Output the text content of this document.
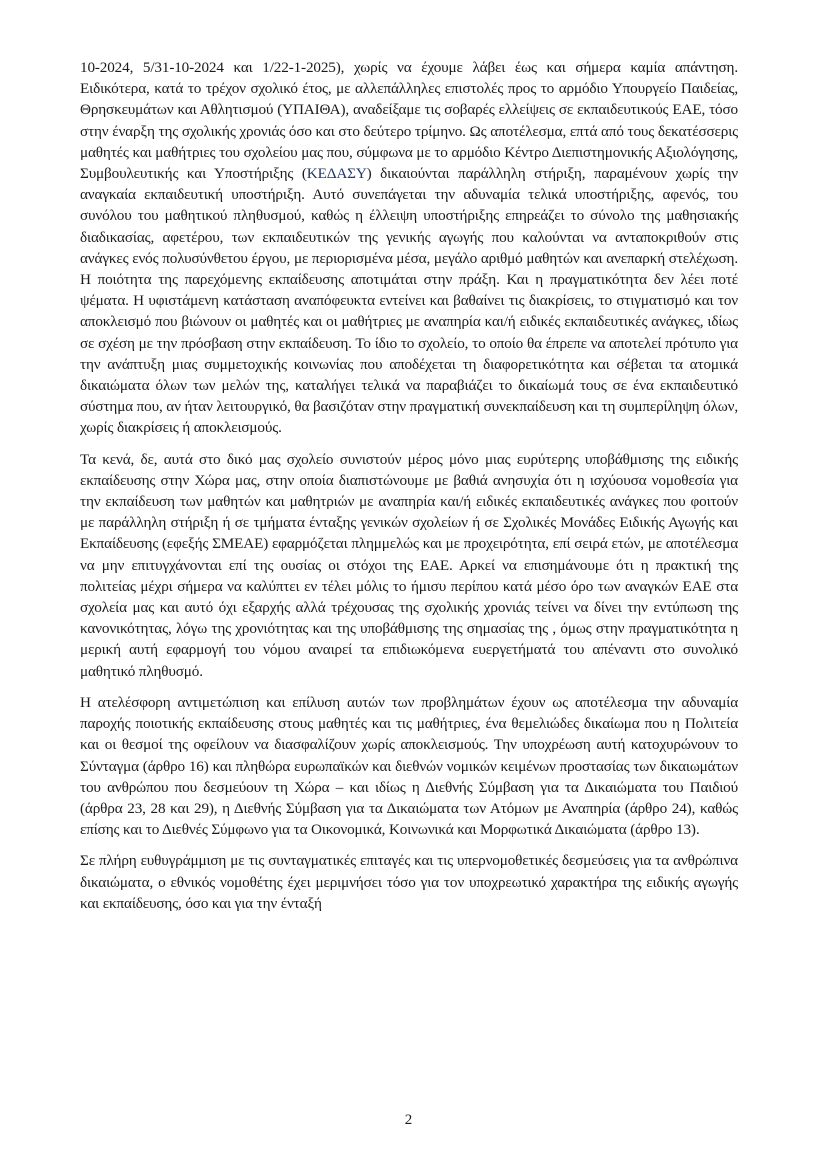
10-2024, 5/31-10-2024 και 1/22-1-2025), χωρίς να έχουμε λάβει έως και σήμερα καμία απάντηση. Ειδικότερα, κατά το τρέχον σχολικό έτος, με αλλεπάλληλες επιστολές προς το αρμόδιο Υπουργείο Παιδείας, Θρησκευμάτων και Αθλητισμού (ΥΠΑΙΘΑ), αναδείξαμε τις σοβαρές ελλείψεις σε εκπαιδευτικούς ΕΑΕ, τόσο στην έναρξη της σχολικής χρονιάς όσο και στο δεύτερο τρίμηνο. Ως αποτέλεσμα, επτά από τους δεκατέσσερις μαθητές και μαθήτριες του σχολείου μας που, σύμφωνα με το αρμόδιο Κέντρο Διεπιστημονικής Αξιολόγησης, Συμβουλευτικής και Υποστήριξης (ΚΕΔΑΣΥ) δικαιούνται παράλληλη στήριξη, παραμένουν χωρίς την αναγκαία εκπαιδευτική υποστήριξη. Αυτό συνεπάγεται την αδυναμία τελικά υποστήριξης, αφενός, του συνόλου του μαθητικού πληθυσμού, καθώς η έλλειψη υποστήριξης επηρεάζει το σύνολο της μαθησιακής διαδικασίας, αφετέρου, των εκπαιδευτικών της γενικής αγωγής που καλούνται να ανταποκριθούν στις ανάγκες ενός πολυσύνθετου έργου, με περιορισμένα μέσα, μεγάλο αριθμό μαθητών και ανεπαρκή στελέχωση. Η ποιότητα της παρεχόμενης εκπαίδευσης αποτιμάται στην πράξη. Και η πραγματικότητα δεν λέει ποτέ ψέματα. Η υφιστάμενη κατάσταση αναπόφευκτα εντείνει και βαθαίνει τις διακρίσεις, το στιγματισμό και τον αποκλεισμό που βιώνουν οι μαθητές και οι μαθήτριες με αναπηρία και/ή ειδικές εκπαιδευτικές ανάγκες, ιδίως σε σχέση με την πρόσβαση στην εκπαίδευση. Το ίδιο το σχολείο, το οποίο θα έπρεπε να αποτελεί πρότυπο για την ανάπτυξη μιας συμμετοχικής κοινωνίας που αποδέχεται τη διαφορετικότητα και σέβεται τα ατομικά δικαιώματα όλων των μελών της, καταλήγει τελικά να παραβιάζει το δικαίωμά τους σε ένα εκπαιδευτικό σύστημα που, αν ήταν λειτουργικό, θα βασιζόταν στην πραγματική συνεκπαίδευση και τη συμπερίληψη όλων, χωρίς διακρίσεις ή αποκλεισμούς.

Τα κενά, δε, αυτά στο δικό μας σχολείο συνιστούν μέρος μόνο μιας ευρύτερης υποβάθμισης της ειδικής εκπαίδευσης στην Χώρα μας, στην οποία διαπιστώνουμε με βαθιά ανησυχία ότι η ισχύουσα νομοθεσία για την εκπαίδευση των μαθητών και μαθητριών με αναπηρία και/ή ειδικές εκπαιδευτικές ανάγκες που φοιτούν με παράλληλη στήριξη ή σε τμήματα ένταξης γενικών σχολείων ή σε Σχολικές Μονάδες Ειδικής Αγωγής και Εκπαίδευσης (εφεξής ΣΜΕΑΕ) εφαρμόζεται πλημμελώς και με προχειρότητα, επί σειρά ετών, με αποτέλεσμα να μην επιτυγχάνονται επί της ουσίας οι στόχοι της ΕΑΕ. Αρκεί να επισημάνουμε ότι η πρακτική της πολιτείας μέχρι σήμερα να καλύπτει εν τέλει μόλις το ήμισυ περίπου κατά μέσο όρο των αναγκών ΕΑΕ στα σχολεία μας και αυτό όχι εξαρχής αλλά τρέχουσας της σχολικής χρονιάς τείνει να δίνει την εντύπωση της κανονικότητας, λόγω της χρονιότητας και της υποβάθμισης της σημασίας της , όμως στην πραγματικότητα η μερική αυτή εφαρμογή του νόμου αναιρεί τα επιδιωκόμενα ευεργετήματά του απέναντι στο συνολικό μαθητικό πληθυσμό.

Η ατελέσφορη αντιμετώπιση και επίλυση αυτών των προβλημάτων έχουν ως αποτέλεσμα την αδυναμία παροχής ποιοτικής εκπαίδευσης στους μαθητές και τις μαθήτριες, ένα θεμελιώδες δικαίωμα που η Πολιτεία και οι θεσμοί της οφείλουν να διασφαλίζουν χωρίς αποκλεισμούς. Την υποχρέωση αυτή κατοχυρώνουν το Σύνταγμα (άρθρο 16) και πληθώρα ευρωπαϊκών και διεθνών νομικών κειμένων προστασίας των δικαιωμάτων του ανθρώπου που δεσμεύουν τη Χώρα – και ιδίως η Διεθνής Σύμβαση για τα Δικαιώματα του Παιδιού (άρθρα 23, 28 και 29), η Διεθνής Σύμβαση για τα Δικαιώματα των Ατόμων με Αναπηρία (άρθρο 24), καθώς επίσης και το Διεθνές Σύμφωνο για τα Οικονομικά, Κοινωνικά και Μορφωτικά Δικαιώματα (άρθρο 13).

Σε πλήρη ευθυγράμμιση με τις συνταγματικές επιταγές και τις υπερνομοθετικές δεσμεύσεις για τα ανθρώπινα δικαιώματα, ο εθνικός νομοθέτης έχει μεριμνήσει τόσο για τον υποχρεωτικό χαρακτήρα της ειδικής αγωγής και εκπαίδευσης, όσο και για την ένταξή

2
